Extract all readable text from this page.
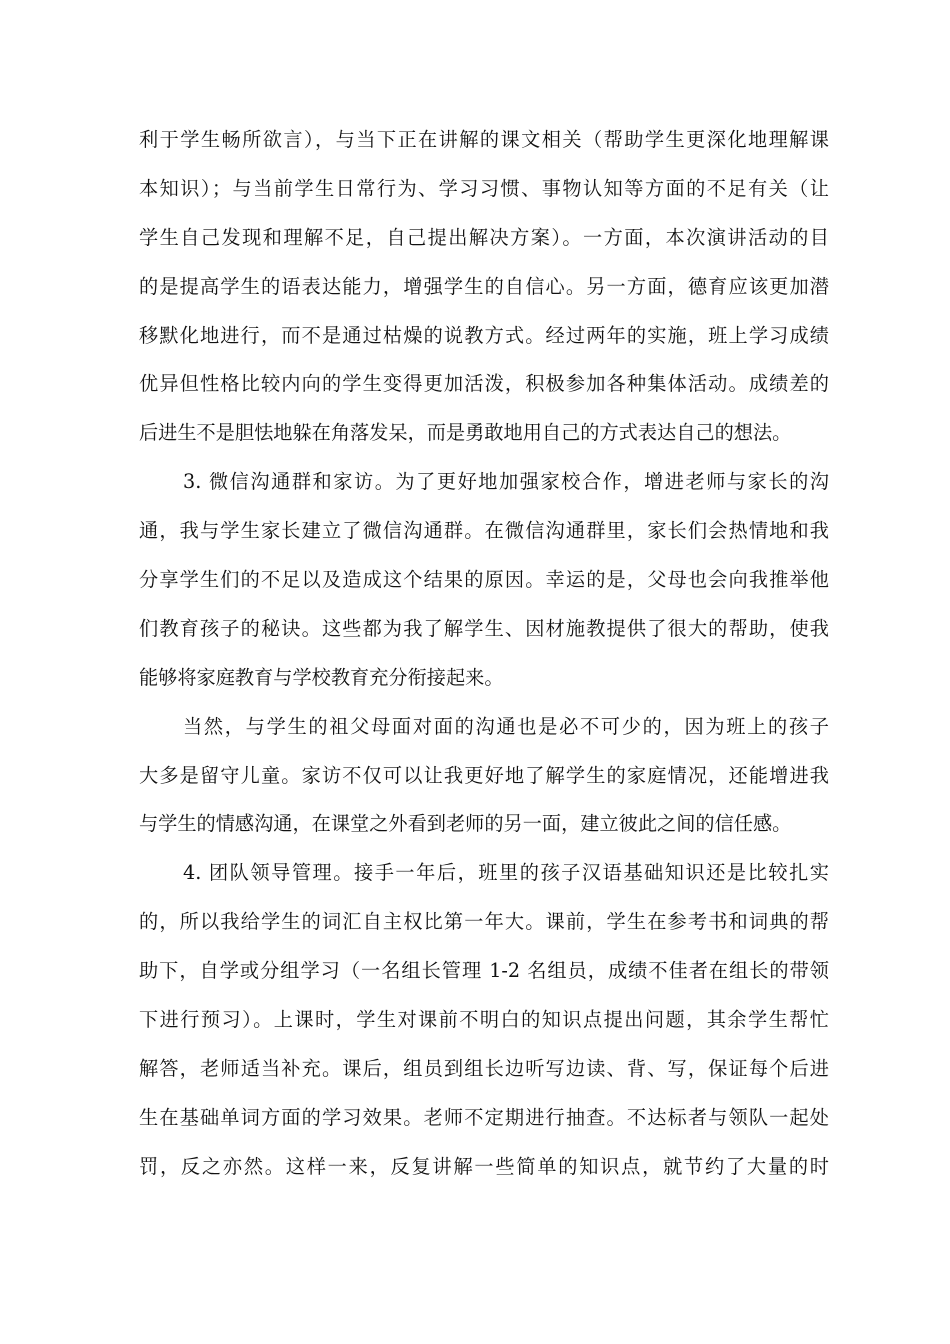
利于学生畅所欲言），与当下正在讲解的课文相关（帮助学生更深化地理解课
本知识）；与当前学生日常行为、学习习惯、事物认知等方面的不足有关（让
学生自己发现和理解不足，自己提出解决方案）。一方面，本次演讲活动的目
的是提高学生的语表达能力，增强学生的自信心。另一方面，德育应该更加潜
移默化地进行，而不是通过枯燥的说教方式。经过两年的实施，班上学习成绩
优异但性格比较内向的学生变得更加活泼，积极参加各种集体活动。成绩差的
后进生不是胆怯地躲在角落发呆，而是勇敢地用自己的方式表达自己的想法。
3. 微信沟通群和家访。为了更好地加强家校合作，增进老师与家长的沟
通，我与学生家长建立了微信沟通群。在微信沟通群里，家长们会热情地和我
分享学生们的不足以及造成这个结果的原因。幸运的是，父母也会向我推举他
们教育孩子的秘诀。这些都为我了解学生、因材施教提供了很大的帮助，使我
能够将家庭教育与学校教育充分衔接起来。
当然，与学生的祖父母面对面的沟通也是必不可少的，因为班上的孩子
大多是留守儿童。家访不仅可以让我更好地了解学生的家庭情况，还能增进我
与学生的情感沟通，在课堂之外看到老师的另一面，建立彼此之间的信任感。
4. 团队领导管理。接手一年后，班里的孩子汉语基础知识还是比较扎实
的，所以我给学生的词汇自主权比第一年大。课前，学生在参考书和词典的帮
助下，自学或分组学习（一名组长管理 1-2 名组员，成绩不佳者在组长的带领
下进行预习）。上课时，学生对课前不明白的知识点提出问题，其余学生帮忙
解答，老师适当补充。课后，组员到组长边听写边读、背、写，保证每个后进
生在基础单词方面的学习效果。老师不定期进行抽查。不达标者与领队一起处
罚，反之亦然。这样一来，反复讲解一些简单的知识点，就节约了大量的时
